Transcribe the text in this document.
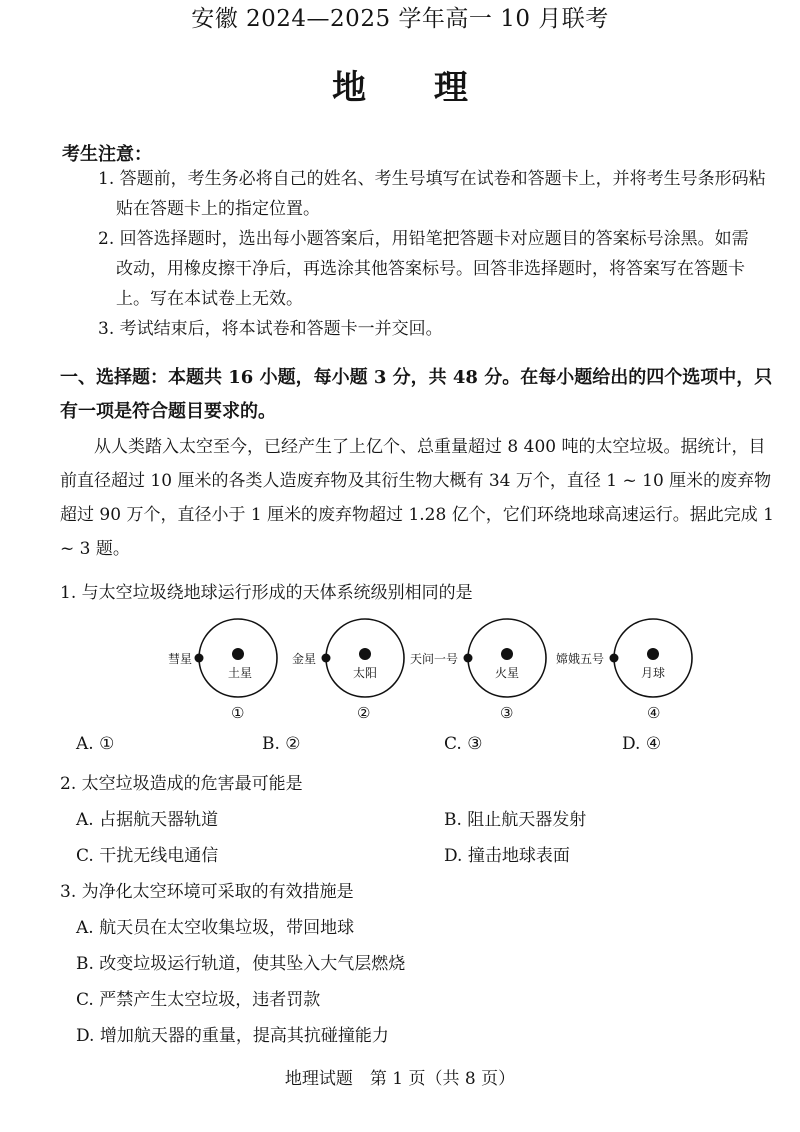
安徽 2024—2025 学年高一 10 月联考
地 理
考生注意：
1. 答题前，考生务必将自己的姓名、考生号填写在试卷和答题卡上，并将考生号条形码粘
贴在答题卡上的指定位置。
2. 回答选择题时，选出每小题答案后，用铅笔把答题卡对应题目的答案标号涂黑。如需
改动，用橡皮擦干净后，再选涂其他答案标号。回答非选择题时，将答案写在答题卡
上。写在本试卷上无效。
3. 考试结束后，将本试卷和答题卡一并交回。
一、选择题：本题共 16 小题，每小题 3 分，共 48 分。在每小题给出的四个选项中，只有一项是符合题目要求的。
从人类踏入太空至今，已经产生了上亿个、总重量超过 8 400 吨的太空垃圾。据统计，目前直径超过 10 厘米的各类人造废弃物及其衍生物大概有 34 万个，直径 1 ~ 10 厘米的废弃物超过 90 万个，直径小于 1 厘米的废弃物超过 1.28 亿个，它们环绕地球高速运行。据此完成 1 ~ 3 题。
1. 与太空垃圾绕地球运行形成的天体系统级别相同的是
彗星
土星
①
金星
太阳
②
天问一号
火星
③
嫦娥五号
月球
④
A. ①	B. ②	C. ③	D. ④
2. 太空垃圾造成的危害最可能是
A. 占据航天器轨道	B. 阻止航天器发射
C. 干扰无线电通信	D. 撞击地球表面
3. 为净化太空环境可采取的有效措施是
A. 航天员在太空收集垃圾，带回地球
B. 改变垃圾运行轨道，使其坠入大气层燃烧
C. 严禁产生太空垃圾，违者罚款
D. 增加航天器的重量，提高其抗碰撞能力
地理试题　第 1 页（共 8 页）
